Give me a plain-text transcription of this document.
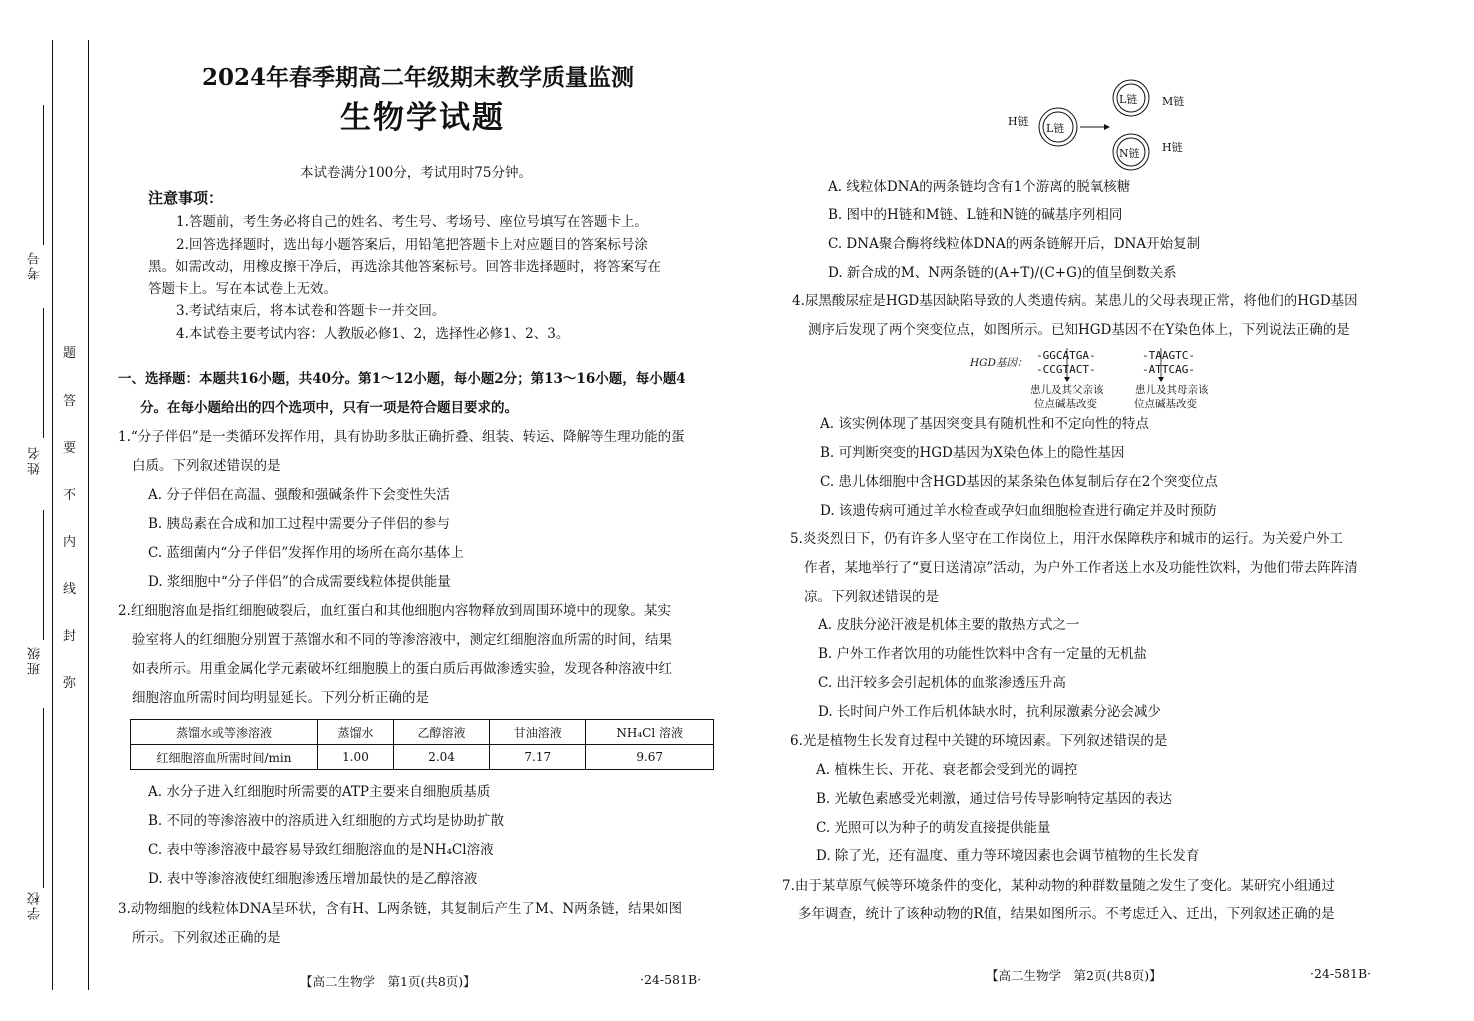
考号
姓名
班级
学校
题
答
要
不
内
线
封
弥
2024年春季期高二年级期末教学质量监测
生物学试题
本试卷满分100分，考试用时75分钟。
注意事项：
1.答题前，考生务必将自己的姓名、考生号、考场号、座位号填写在答题卡上。
2.回答选择题时，选出每小题答案后，用铅笔把答题卡上对应题目的答案标号涂
黑。如需改动，用橡皮擦干净后，再选涂其他答案标号。回答非选择题时，将答案写在
答题卡上。写在本试卷上无效。
3.考试结束后，将本试卷和答题卡一并交回。
4.本试卷主要考试内容：人教版必修1、2，选择性必修1、2、3。
一、选择题：本题共16小题，共40分。第1～12小题，每小题2分；第13～16小题，每小题4
分。在每小题给出的四个选项中，只有一项是符合题目要求的。
1.“分子伴侣”是一类循环发挥作用，具有协助多肽正确折叠、组装、转运、降解等生理功能的蛋
白质。下列叙述错误的是
A. 分子伴侣在高温、强酸和强碱条件下会变性失活
B. 胰岛素在合成和加工过程中需要分子伴侣的参与
C. 蓝细菌内“分子伴侣”发挥作用的场所在高尔基体上
D. 浆细胞中“分子伴侣”的合成需要线粒体提供能量
2.红细胞溶血是指红细胞破裂后，血红蛋白和其他细胞内容物释放到周围环境中的现象。某实
验室将人的红细胞分别置于蒸馏水和不同的等渗溶液中，测定红细胞溶血所需的时间，结果
如表所示。用重金属化学元素破坏红细胞膜上的蛋白质后再做渗透实验，发现各种溶液中红
细胞溶血所需时间均明显延长。下列分析正确的是
蒸馏水或等渗溶液	蒸馏水	乙醇溶液	甘油溶液	NH₄Cl 溶液
红细胞溶血所需时间/min	1.00	2.04	7.17	9.67
A. 水分子进入红细胞时所需要的ATP主要来自细胞质基质
B. 不同的等渗溶液中的溶质进入红细胞的方式均是协助扩散
C. 表中等渗溶液中最容易导致红细胞溶血的是NH₄Cl溶液
D. 表中等渗溶液使红细胞渗透压增加最快的是乙醇溶液
3.动物细胞的线粒体DNA呈环状，含有H、L两条链，其复制后产生了M、N两条链，结果如图
所示。下列叙述正确的是
【高二生物学　第1页(共8页)】	·24-581B·
H链
L链
L链 M链
N链 H链
A. 线粒体DNA的两条链均含有1个游离的脱氧核糖
B. 图中的H链和M链、L链和N链的碱基序列相同
C. DNA聚合酶将线粒体DNA的两条链解开后，DNA开始复制
D. 新合成的M、N两条链的(A+T)/(C+G)的值呈倒数关系
4.尿黑酸尿症是HGD基因缺陷导致的人类遗传病。某患儿的父母表现正常，将他们的HGD基因
测序后发现了两个突变位点，如图所示。已知HGD基因不在Y染色体上，下列说法正确的是
HGD基因：
-GGCATGA-
-CCGTACT-
-TAAGTC-
-ATTCAG-
患儿及其父亲该
位点碱基改变
患儿及其母亲该
位点碱基改变
A. 该实例体现了基因突变具有随机性和不定向性的特点
B. 可判断突变的HGD基因为X染色体上的隐性基因
C. 患儿体细胞中含HGD基因的某条染色体复制后存在2个突变位点
D. 该遗传病可通过羊水检查或孕妇血细胞检查进行确定并及时预防
5.炎炎烈日下，仍有许多人坚守在工作岗位上，用汗水保障秩序和城市的运行。为关爱户外工
作者，某地举行了“夏日送清凉”活动，为户外工作者送上水及功能性饮料，为他们带去阵阵清
凉。下列叙述错误的是
A. 皮肤分泌汗液是机体主要的散热方式之一
B. 户外工作者饮用的功能性饮料中含有一定量的无机盐
C. 出汗较多会引起机体的血浆渗透压升高
D. 长时间户外工作后机体缺水时，抗利尿激素分泌会减少
6.光是植物生长发育过程中关键的环境因素。下列叙述错误的是
A. 植株生长、开花、衰老都会受到光的调控
B. 光敏色素感受光刺激，通过信号传导影响特定基因的表达
C. 光照可以为种子的萌发直接提供能量
D. 除了光，还有温度、重力等环境因素也会调节植物的生长发育
7.由于某草原气候等环境条件的变化，某种动物的种群数量随之发生了变化。某研究小组通过
多年调查，统计了该种动物的R值，结果如图所示。不考虑迁入、迁出，下列叙述正确的是
【高二生物学　第2页(共8页)】	·24-581B·
